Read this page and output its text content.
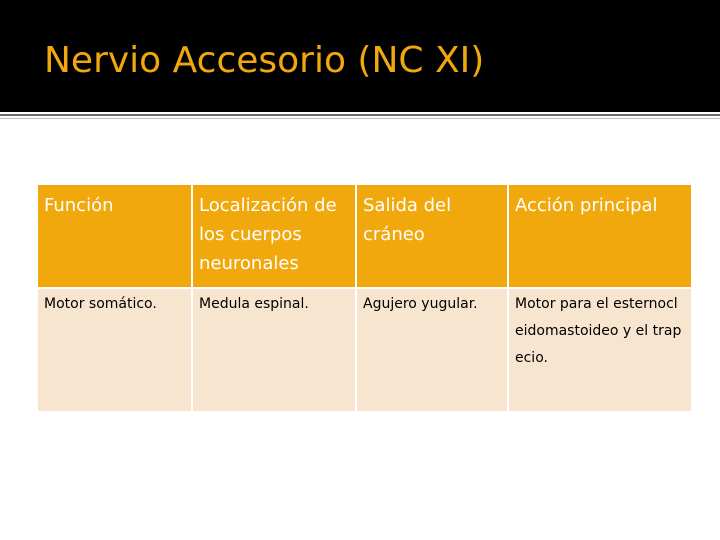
Nervio Accesorio (NC XI)
Función	Localización de los cuerpos neuronales	Salida del cráneo	Acción principal

Motor somático.	Medula espinal.	Agujero yugular.	Motor para el esternocleidomastoideo y el trapecio.
